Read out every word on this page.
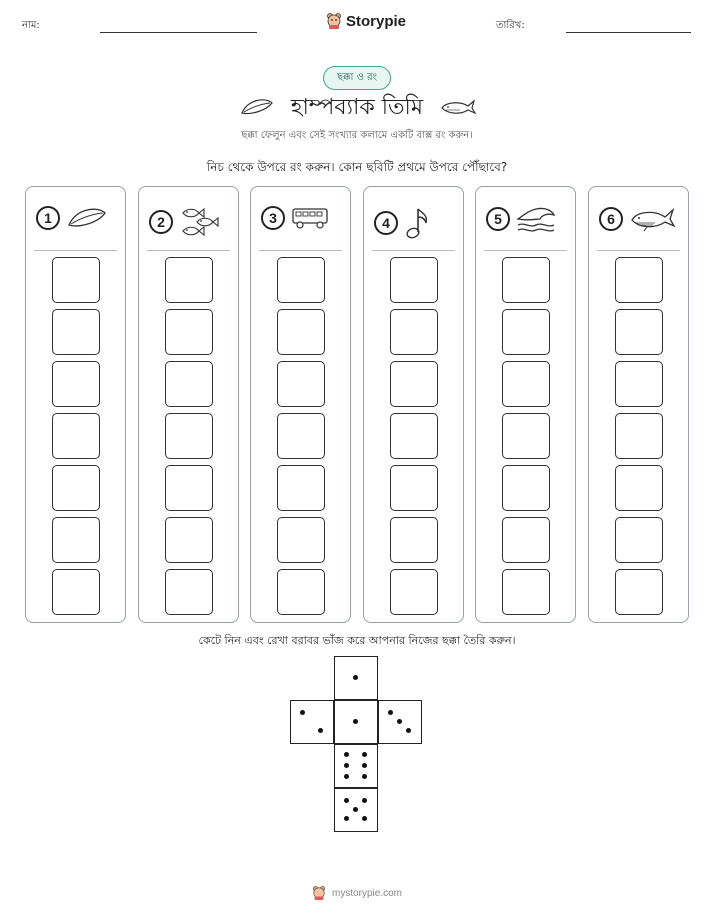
নাম:	Storypie	তারিখ:
ছক্কা ও রং
হাম্পব্যাক তিমি
ছক্কা ফেলুন এবং সেই সংখ্যার কলামে একটি বাক্স রং করুন।
নিচ থেকে উপরে রং করুন। কোন ছবিটি প্রথমে উপরে পৌঁছাবে?
1	2	3	4	5	6
কেটে নিন এবং রেখা বরাবর ভাঁজ করে আপনার নিজের ছক্কা তৈরি করুন।
mystorypie.com
